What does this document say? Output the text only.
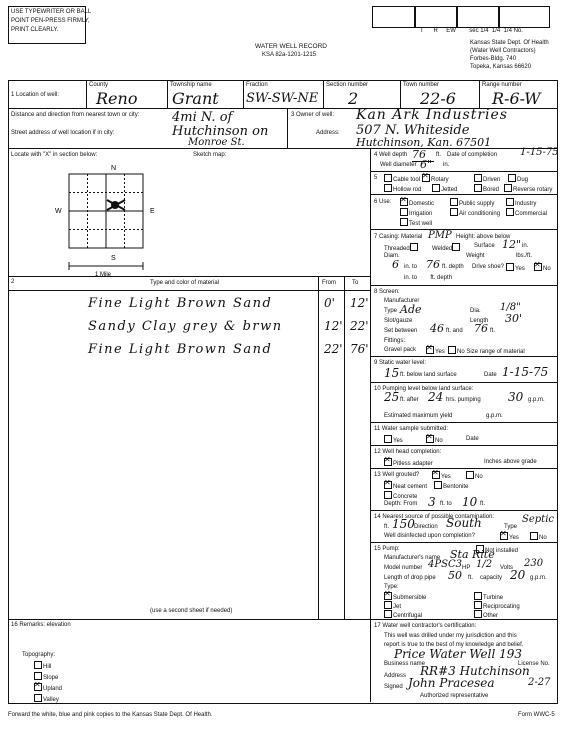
USE TYPEWRITER OR BALL
POINT PEN-PRESS FIRMLY,
PRINT CLEARLY.
WATER WELL RECORD
KSA 82a-1201-1215
T      R     EW        sec 1/4  1/4  1/4 No.
Kansas State Dept. Of Health
(Water Well Contractors)
Forbes-Bldg. 740
Topeka, Kansas 66620
1 Location of well:
County
Reno
Township name
Grant
Fraction
SW-SW-NE
Section number
2
Town number
22-6
Range number
R-6-W
Distance and direction from nearest town or city:	4mi N. of
Street address of well location if in city:	Hutchinson on
Monroe St.
3 Owner of well: Kan Ark Industries
Address: 507 N. Whiteside
Hutchinson, Kan. 67501
Locate with "X" in section below:	Sketch map:
N
W	E
S
1 Mile
2	Type and color of material	From	To
Fine Light Brown Sand	0' 12'
Sandy Clay grey & brwn	12' 22'
Fine Light Brown Sand	22' 76'
(use a second sheet if needed)
16 Remarks: elevation
Topography:
Hill
Slope
✕Upland
Valley
4 Well depth 76	ft. Date of completion 1-15-75
Well diameter 6"	in.
5	Cable tool ✕	Rotary	Driven	Dug
Hollow rod	Jetted	Bored	Reverse rotary
6 Use: ✕	Domestic	Public supply	Industry
Irrigation	Air conditioning	Commercial
Test well
7 Casing: Material PMP Height: above below
Threaded	Welded	Surface 12" in.
Diam.	Weight	lbs./ft.
6 in. to 76 ft. depth Drive shoe?	Yes ✕	No
in. to        ft. depth
8 Screen:
Manufacturer
Type Ade	Dia. 1/8"
Slot/gauze	Length 30'
Set between 46 ft. and 76 ft.
Fittings:
Gravel pack ✕	Yes	No Size range of material
9 Static water level:
15 ft. below land surface	Date 1-15-75
10 Pumping level below land surface:
25 ft. after 24 hrs. pumping 30 g.p.m.
Estimated maximum yield	g.p.m.
11 Water sample submitted:
Yes ✕	No	Date
12 Well head completion:
✕Pitless adapter	Inches above grade
13 Well grouted? ✕	Yes	No
✕Neat cement	Bentonite
Concrete
Depth: From 3 ft. to 10 ft.
14 Nearest source of possible contamination:
ft. 150 Direction South	Type
Septic
Well disinfected upon completion? ✕	Yes	No
15 Pump:	Not installed
Manufacturer's name Sta Rite
Model number 4PSC3 HP 1/2 Volts 230
Length of drop pipe 50 ft. capacity 20 g.p.m.
Type:
✕Submersible	Turbine
Jet	Reciprocating
Centrifugal	Other
17 Water well contractor's certification:
This well was drilled under my jurisdiction and this
report is true to the best of my knowledge and belief.
Price Water Well 193
Business name	License No.
Address RR#3 Hutchinson
Signed John Pracesea	2-27
Authorized representative
Forward the white, blue and pink copies to the Kansas State Dept. Of Health.	Form WWC-5
